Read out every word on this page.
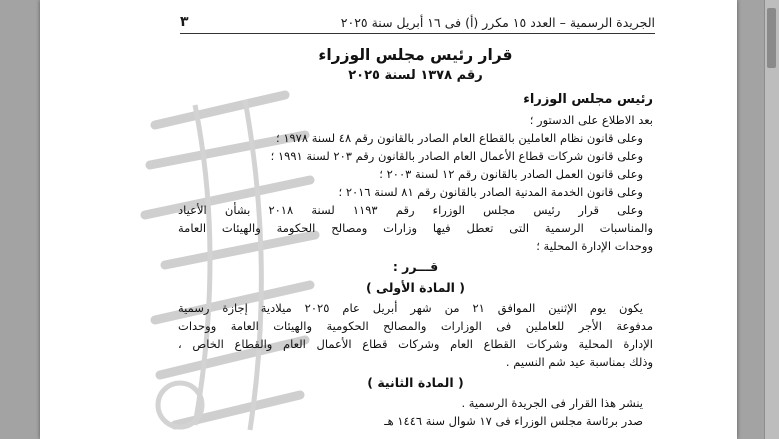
الجريدة الرسمية – العدد ١٥ مكرر (أ) فى ١٦ أبريل سنة ٢٠٢٥
٣

قرار رئيس مجلس الوزراء

رقم ١٣٧٨ لسنة ٢٠٢٥

رئيس مجلس الوزراء

بعد الاطلاع على الدستور ؛

وعلى قانون نظام العاملين بالقطاع العام الصادر بالقانون رقم ٤٨ لسنة ١٩٧٨ ؛

وعلى قانون شركات قطاع الأعمال العام الصادر بالقانون رقم ٢٠٣ لسنة ١٩٩١ ؛

وعلى قانون العمل الصادر بالقانون رقم ١٢ لسنة ٢٠٠٣ ؛

وعلى قانون الخدمة المدنية الصادر بالقانون رقم ٨١ لسنة ٢٠١٦ ؛

وعلى قرار رئيس مجلس الوزراء رقم ١١٩٣ لسنة ٢٠١٨ بشأن الأعياد

والمناسبات الرسمية التى تعطل فيها وزارات ومصالح الحكومة والهيئات العامة

ووحدات الإدارة المحلية ؛

قـــرر :

( المادة الأولى )

يكون يوم الإثنين الموافق ٢١ من شهر أبريل عام ٢٠٢٥ ميلادية إجازة رسمية

مدفوعة الأجر للعاملين فى الوزارات والمصالح الحكومية والهيئات العامة ووحدات

الإدارة المحلية وشركات القطاع العام وشركات قطاع الأعمال العام والقطاع الخاص ،

وذلك بمناسبة عيد شم النسيم .

( المادة الثانية )

ينشر هذا القرار فى الجريدة الرسمية .

صدر برئاسة مجلس الوزراء فى ١٧ شوال سنة ١٤٤٦ هـ
